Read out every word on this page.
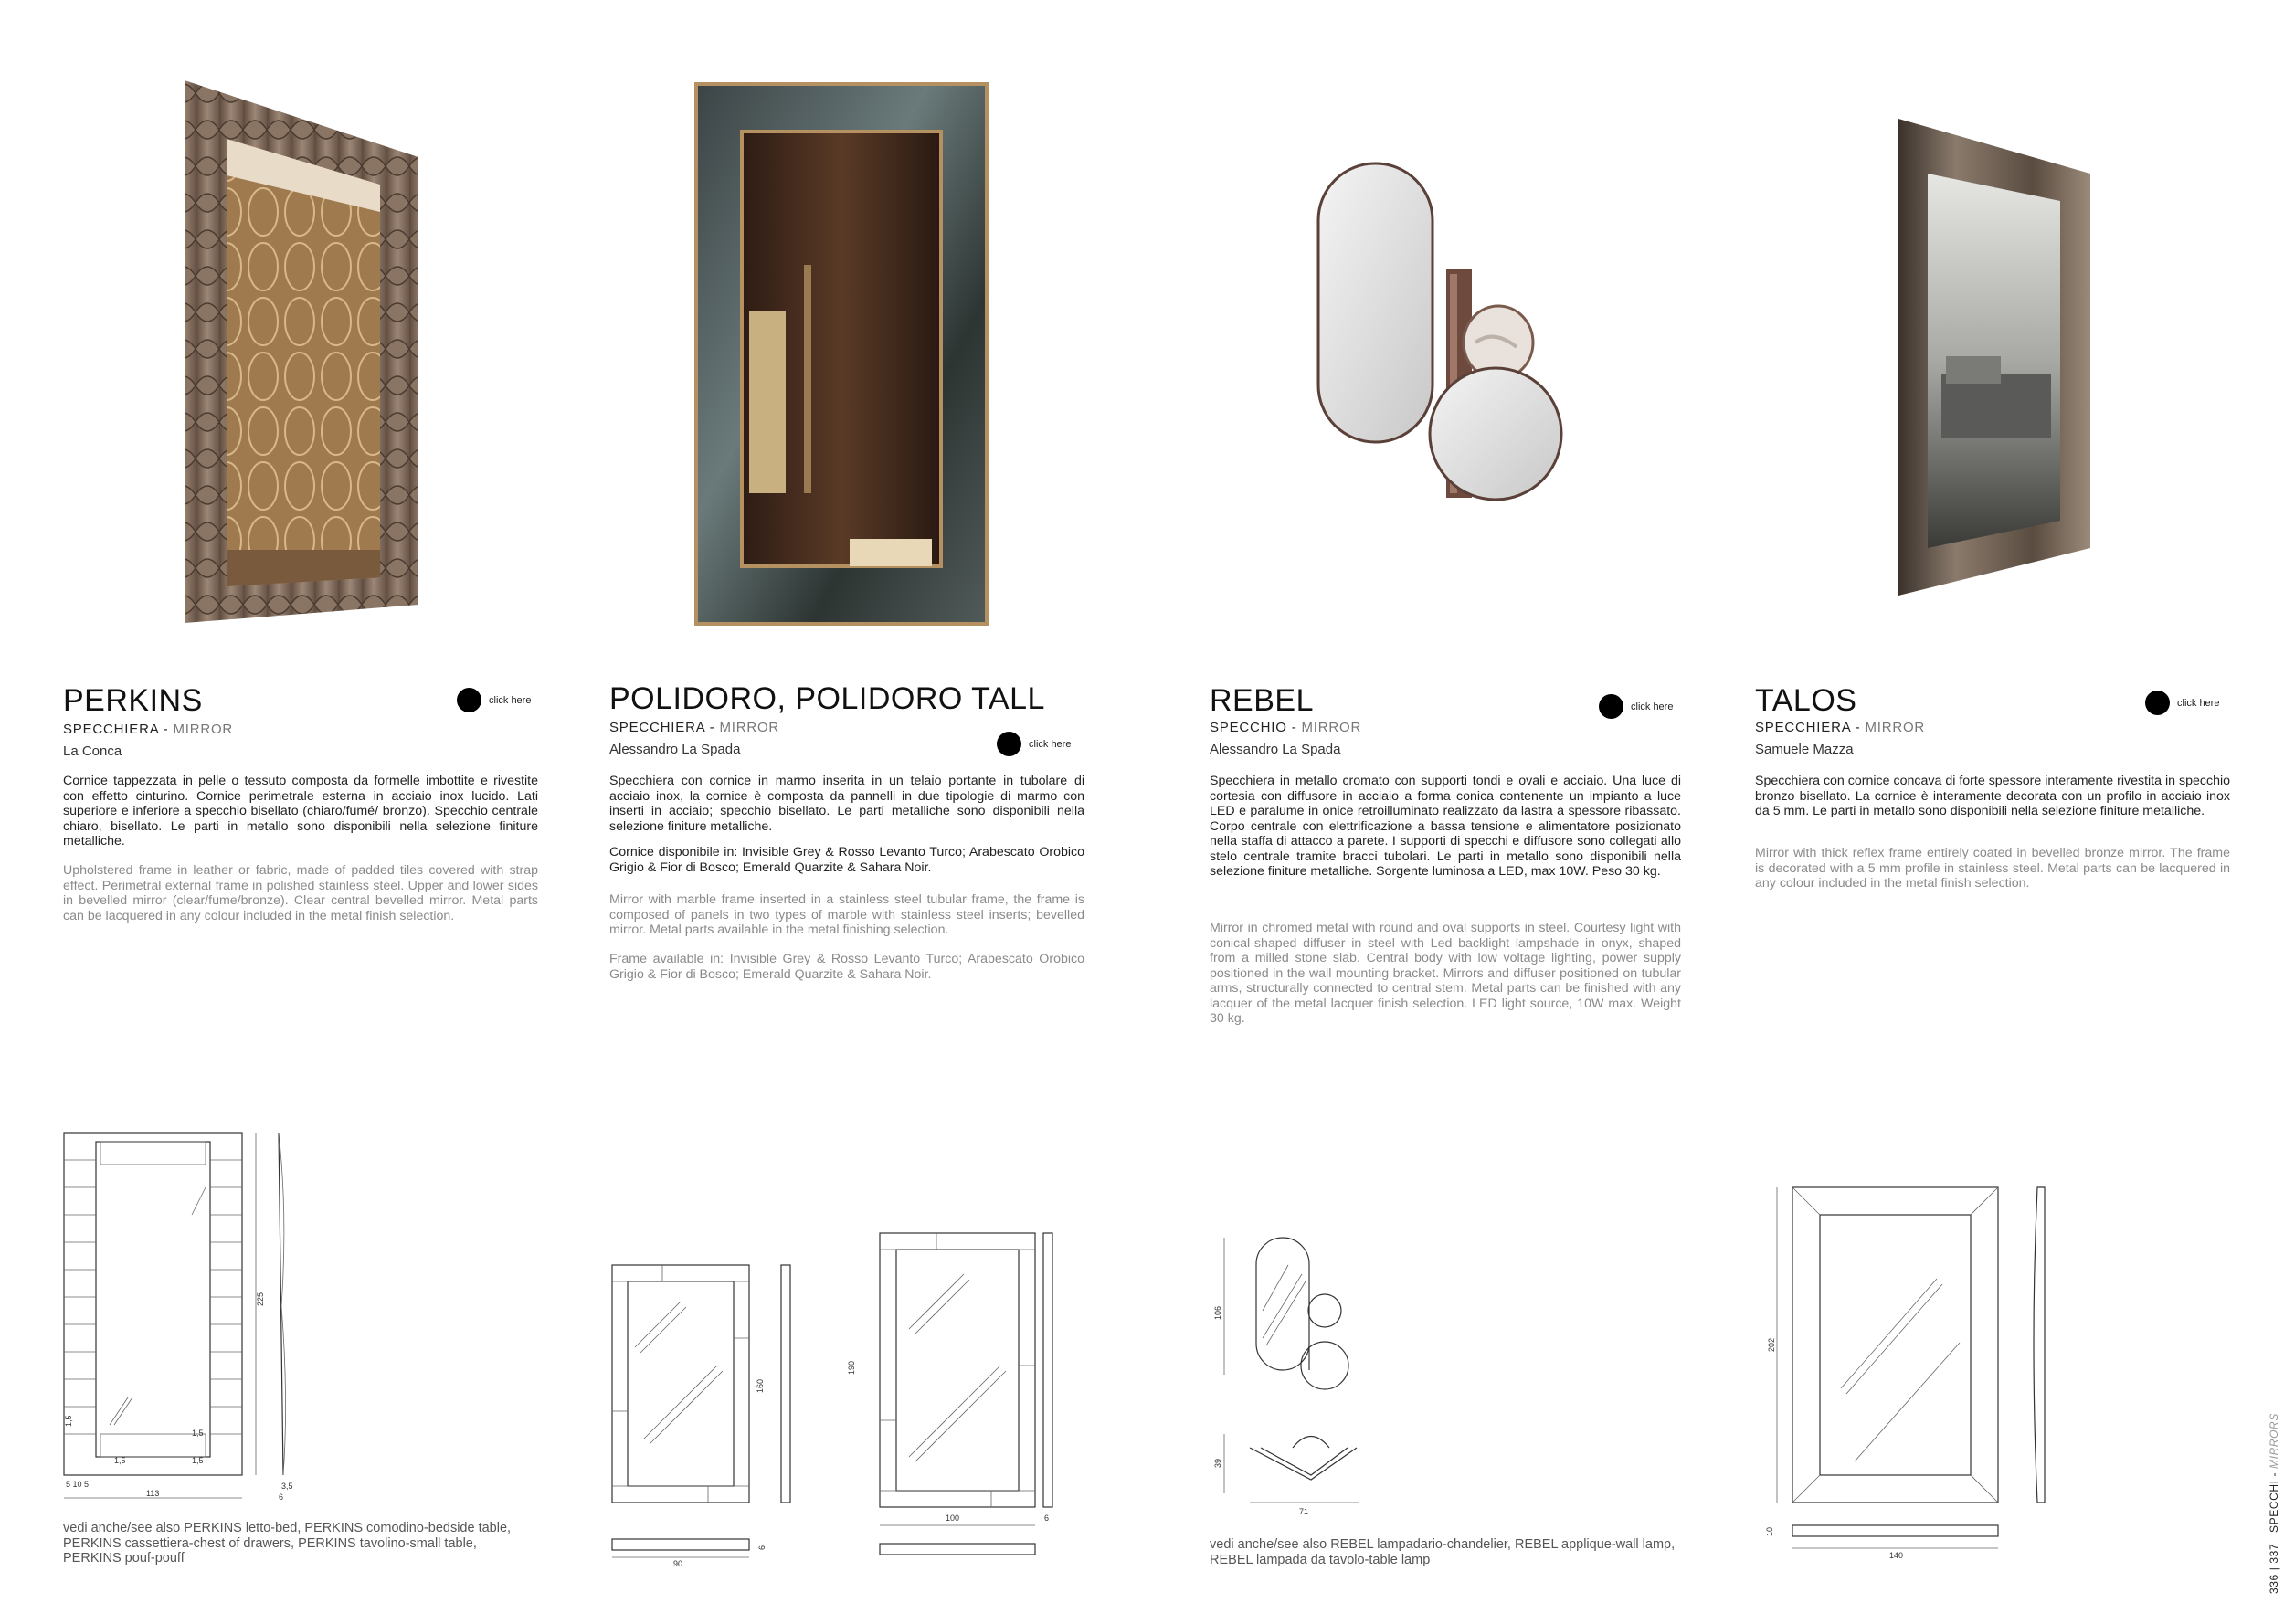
PERKINS
SPECCHIERA - MIRROR
La Conca
click here
Cornice tappezzata in pelle o tessuto composta da formelle imbottite e rivestite con effetto cinturino. Cornice perimetrale esterna in acciaio inox lucido. Lati superiore e inferiore a specchio bisellato (chiaro/fumé/ bronzo). Specchio centrale chiaro, bisellato. Le parti in metallo sono disponibili nella selezione finiture metalliche.
Upholstered frame in leather or fabric, made of padded tiles covered with strap effect. Perimetral external frame in polished stainless steel. Upper and lower sides in bevelled mirror (clear/fume/bronze). Clear central bevelled mirror. Metal parts can be lacquered in any colour included in the metal finish selection.
POLIDORO, POLIDORO TALL
SPECCHIERA - MIRROR
Alessandro La Spada	click here
Specchiera con cornice in marmo inserita in un telaio portante in tubolare di acciaio inox, la cornice è composta da pannelli in due tipologie di marmo con inserti in acciaio; specchio bisellato. Le parti metalliche sono disponibili nella selezione finiture metalliche.
Cornice disponibile in: Invisible Grey & Rosso Levanto Turco; Arabescato Orobico Grigio & Fior di Bosco; Emerald Quarzite & Sahara Noir.
Mirror with marble frame inserted in a stainless steel tubular frame, the frame is composed of panels in two types of marble with stainless steel inserts; bevelled mirror. Metal parts available in the metal finishing selection.
Frame available in: Invisible Grey & Rosso Levanto Turco; Arabescato Orobico Grigio & Fior di Bosco; Emerald Quarzite & Sahara Noir.
REBEL
SPECCHIO - MIRROR
Alessandro La Spada
click here
Specchiera in metallo cromato con supporti tondi e ovali e acciaio. Una luce di cortesia con diffusore in acciaio a forma conica contenente un impianto a luce LED e paralume in onice retroilluminato realizzato da lastra a spessore ribassato. Corpo centrale con elettrificazione a bassa tensione e alimentatore posizionato nella staffa di attacco a parete. I supporti di specchi e diffusore sono collegati allo stelo centrale tramite bracci tubolari. Le parti in metallo sono disponibili nella selezione finiture metalliche. Sorgente luminosa a LED, max 10W. Peso 30 kg.
Mirror in chromed metal with round and oval supports in steel. Courtesy light with conical-shaped diffuser in steel with Led backlight lampshade in onyx, shaped from a milled stone slab. Central body with low voltage lighting, power supply positioned in the wall mounting bracket. Mirrors and diffuser positioned on tubular arms, structurally connected to central stem. Metal parts can be finished with any lacquer of the metal lacquer finish selection. LED light source, 10W max. Weight 30 kg.
TALOS
SPECCHIERA - MIRROR
Samuele Mazza
click here
Specchiera con cornice concava di forte spessore interamente rivestita in specchio bronzo bisellato. La cornice è interamente decorata con un profilo in acciaio inox da 5 mm. Le parti in metallo sono disponibili nella selezione finiture metalliche.
Mirror with thick reflex frame entirely coated in bevelled bronze mirror. The frame is decorated with a 5 mm profile in stainless steel. Metal parts can be lacquered in any colour included in the metal finish selection.
225
113	6
3,5
1,5
1,5
1,5
1,5
5 10 5
vedi anche/see also PERKINS letto-bed, PERKINS comodino-bedside table, PERKINS cassettiera-chest of drawers, PERKINS tavolino-small table, PERKINS pouf-pouff
160
90
6
190
100	6
106
39
71
vedi anche/see also REBEL lampadario-chandelier, REBEL applique-wall lamp, REBEL lampada da tavolo-table lamp
202
140
10
336 | 337   SPECCHI - MIRRORS
